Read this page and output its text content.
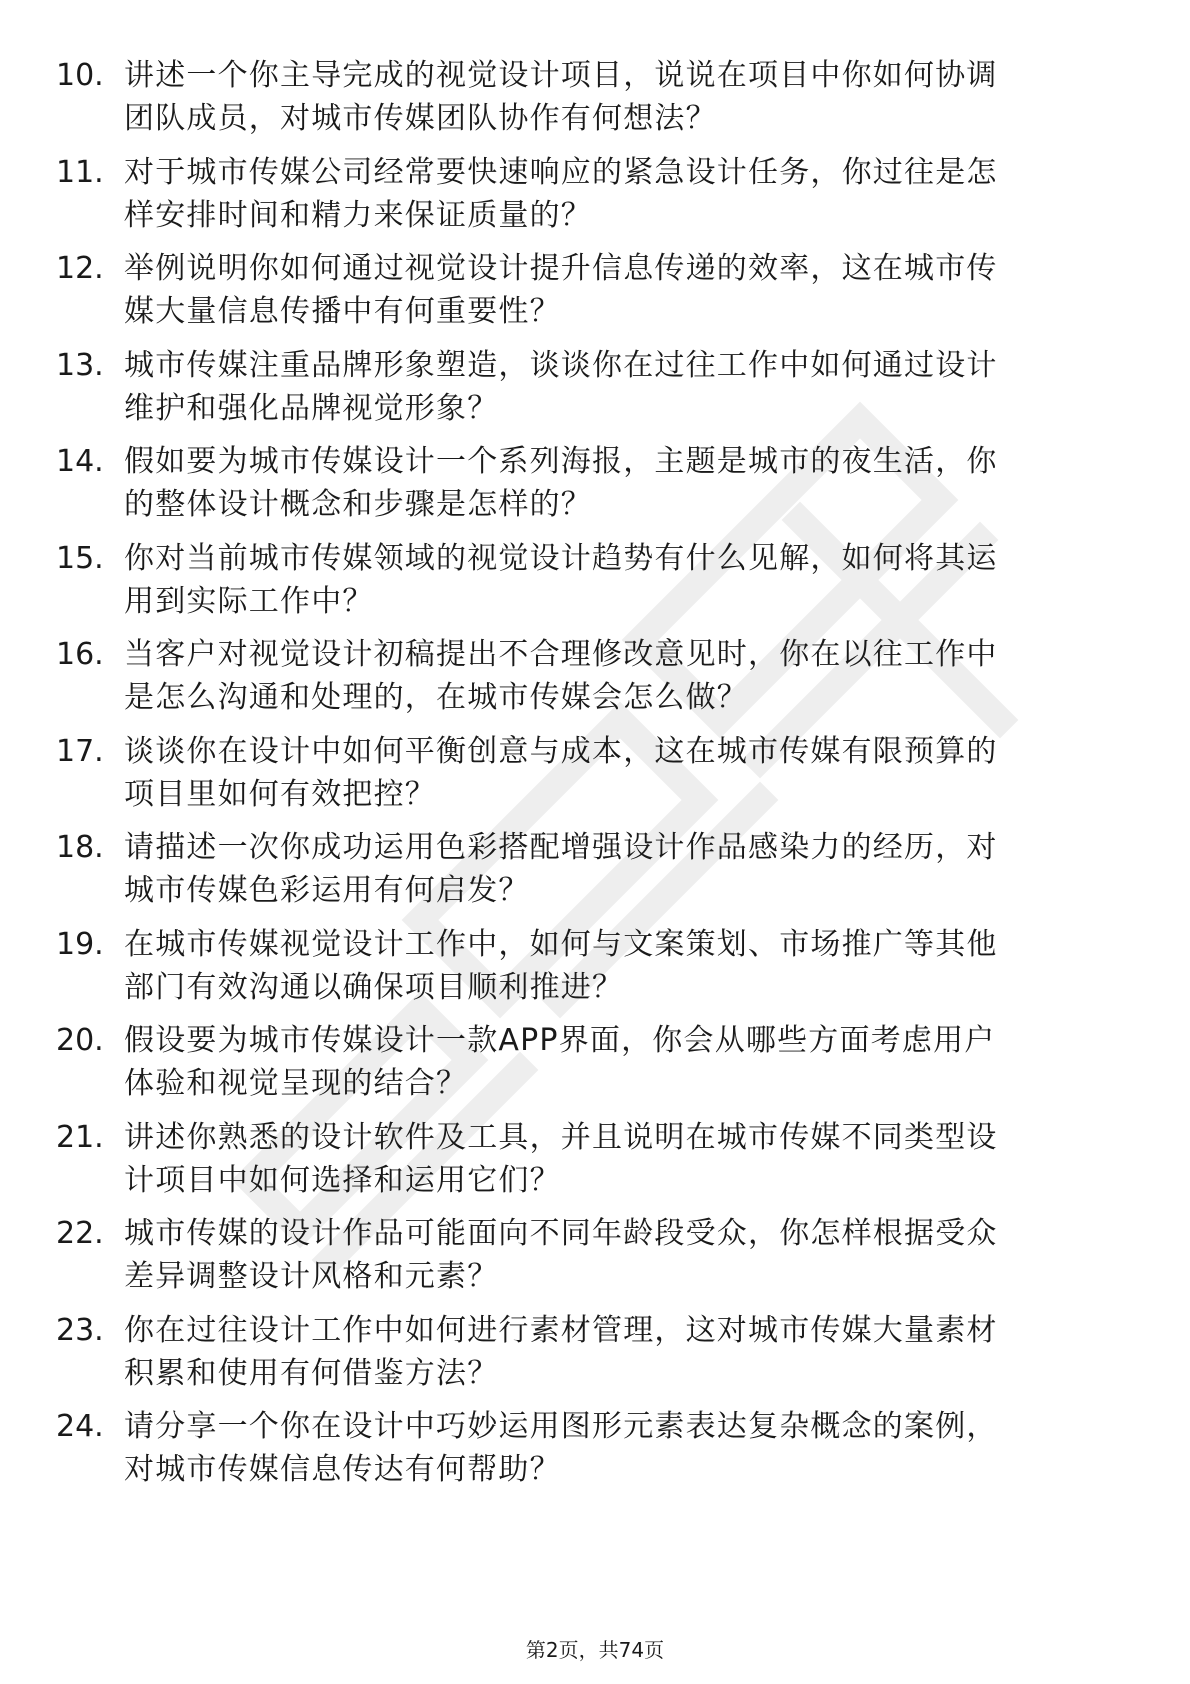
10. 讲述一个你主导完成的视觉设计项目，说说在项目中你如何协调
团队成员，对城市传媒团队协作有何想法？
11. 对于城市传媒公司经常要快速响应的紧急设计任务，你过往是怎
样安排时间和精力来保证质量的？
12. 举例说明你如何通过视觉设计提升信息传递的效率，这在城市传
媒大量信息传播中有何重要性？
13. 城市传媒注重品牌形象塑造，谈谈你在过往工作中如何通过设计
维护和强化品牌视觉形象？
14. 假如要为城市传媒设计一个系列海报，主题是城市的夜生活，你
的整体设计概念和步骤是怎样的？
15. 你对当前城市传媒领域的视觉设计趋势有什么见解，如何将其运
用到实际工作中？
16. 当客户对视觉设计初稿提出不合理修改意见时，你在以往工作中
是怎么沟通和处理的，在城市传媒会怎么做？
17. 谈谈你在设计中如何平衡创意与成本，这在城市传媒有限预算的
项目里如何有效把控？
18. 请描述一次你成功运用色彩搭配增强设计作品感染力的经历，对
城市传媒色彩运用有何启发？
19. 在城市传媒视觉设计工作中，如何与文案策划、市场推广等其他
部门有效沟通以确保项目顺利推进？
20. 假设要为城市传媒设计一款APP界面，你会从哪些方面考虑用户
体验和视觉呈现的结合？
21. 讲述你熟悉的设计软件及工具，并且说明在城市传媒不同类型设
计项目中如何选择和运用它们？
22. 城市传媒的设计作品可能面向不同年龄段受众，你怎样根据受众
差异调整设计风格和元素？
23. 你在过往设计工作中如何进行素材管理，这对城市传媒大量素材
积累和使用有何借鉴方法？
24. 请分享一个你在设计中巧妙运用图形元素表达复杂概念的案例，
对城市传媒信息传达有何帮助？
第2页，共74页
